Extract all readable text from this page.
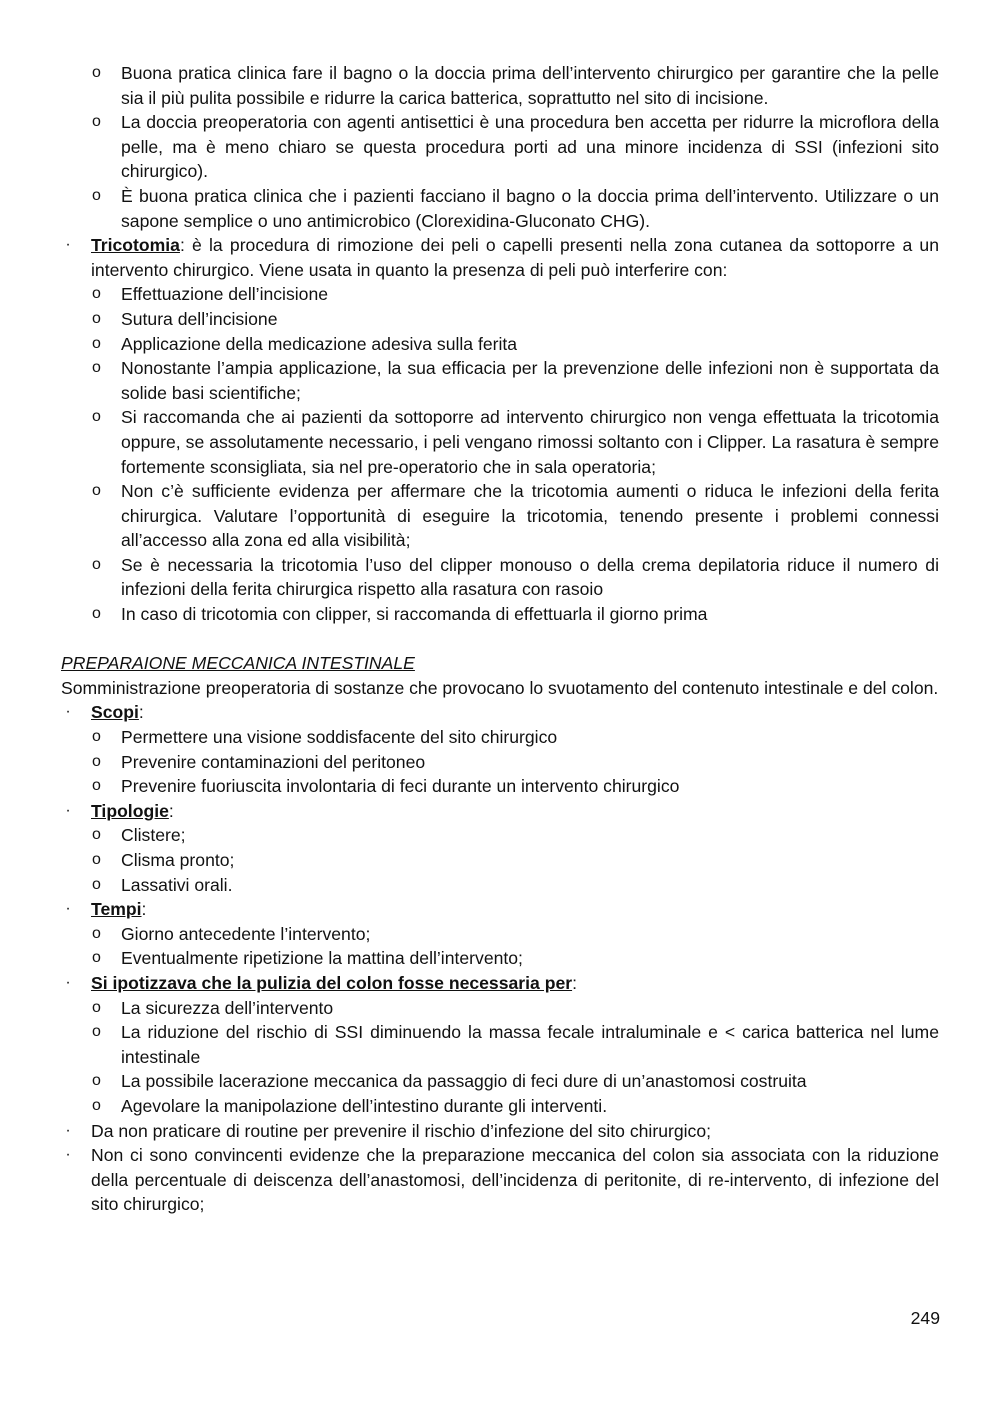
o Buona pratica clinica fare il bagno o la doccia prima dell’intervento chirurgico per garantire che la pelle sia il più pulita possibile e ridurre la carica batterica, soprattutto nel sito di incisione.
o La doccia preoperatoria con agenti antisettici è una procedura ben accetta per ridurre la microflora della pelle, ma è meno chiaro se questa procedura porti ad una minore incidenza di SSI (infezioni sito chirurgico).
o È buona pratica clinica che i pazienti facciano il bagno o la doccia prima dell’intervento. Utilizzare o un sapone semplice o uno antimicrobico (Clorexidina-Gluconato CHG).
· Tricotomia: è la procedura di rimozione dei peli o capelli presenti nella zona cutanea da sottoporre a un intervento chirurgico. Viene usata in quanto la presenza di peli può interferire con:
o Effettuazione dell’incisione
o Sutura dell’incisione
o Applicazione della medicazione adesiva sulla ferita
o Nonostante l’ampia applicazione, la sua efficacia per la prevenzione delle infezioni non è supportata da solide basi scientifiche;
o Si raccomanda che ai pazienti da sottoporre ad intervento chirurgico non venga effettuata la tricotomia oppure, se assolutamente necessario, i peli vengano rimossi soltanto con i Clipper. La rasatura è sempre fortemente sconsigliata, sia nel pre-operatorio che in sala operatoria;
o Non c’è sufficiente evidenza per affermare che la tricotomia aumenti o riduca le infezioni della ferita chirurgica. Valutare l’opportunità di eseguire la tricotomia, tenendo presente i problemi connessi all’accesso alla zona ed alla visibilità;
o Se è necessaria la tricotomia l’uso del clipper monouso o della crema depilatoria riduce il numero di infezioni della ferita chirurgica rispetto alla rasatura con rasoio
o In caso di tricotomia con clipper, si raccomanda di effettuarla il giorno prima

PREPARAIONE MECCANICA INTESTINALE

Somministrazione preoperatoria di sostanze che provocano lo svuotamento del contenuto intestinale e del colon.

· Scopi:
o Permettere una visione soddisfacente del sito chirurgico
o Prevenire contaminazioni del peritoneo
o Prevenire fuoriuscita involontaria di feci durante un intervento chirurgico
· Tipologie:
o Clistere;
o Clisma pronto;
o Lassativi orali.
· Tempi:
o Giorno antecedente l’intervento;
o Eventualmente ripetizione la mattina dell’intervento;
· Si ipotizzava che la pulizia del colon fosse necessaria per:
o La sicurezza dell’intervento
o La riduzione del rischio di SSI diminuendo la massa fecale intraluminale e < carica batterica nel lume intestinale
o La possibile lacerazione meccanica da passaggio di feci dure di un’anastomosi costruita
o Agevolare la manipolazione dell’intestino durante gli interventi.
· Da non praticare di routine per prevenire il rischio d’infezione del sito chirurgico;
· Non ci sono convincenti evidenze che la preparazione meccanica del colon sia associata con la riduzione della percentuale di deiscenza dell’anastomosi, dell’incidenza di peritonite, di re-intervento, di infezione del sito chirurgico;
249
